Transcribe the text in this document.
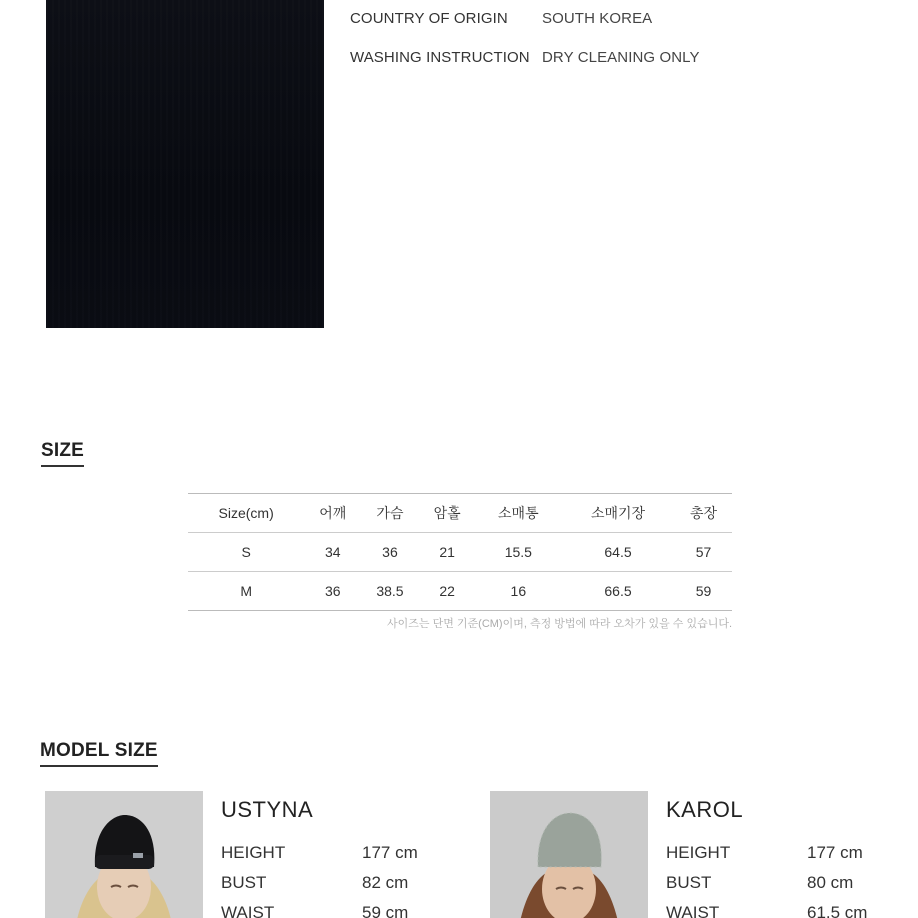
COUNTRY OF ORIGIN SOUTH KOREA
WASHING INSTRUCTION DRY CLEANING ONLY
SIZE
Size(cm)	어깨	가슴	암홀	소매통	소매기장	총장
S	34	36	21	15.5	64.5	57
M	36	38.5	22	16	66.5	59
사이즈는 단면 기준(CM)이며, 측정 방법에 따라 오차가 있을 수 있습니다.
MODEL SIZE
USTYNA
HEIGHT	177 cm
BUST	82 cm
WAIST	59 cm
KAROL
HEIGHT	177 cm
BUST	80 cm
WAIST	61.5 cm
